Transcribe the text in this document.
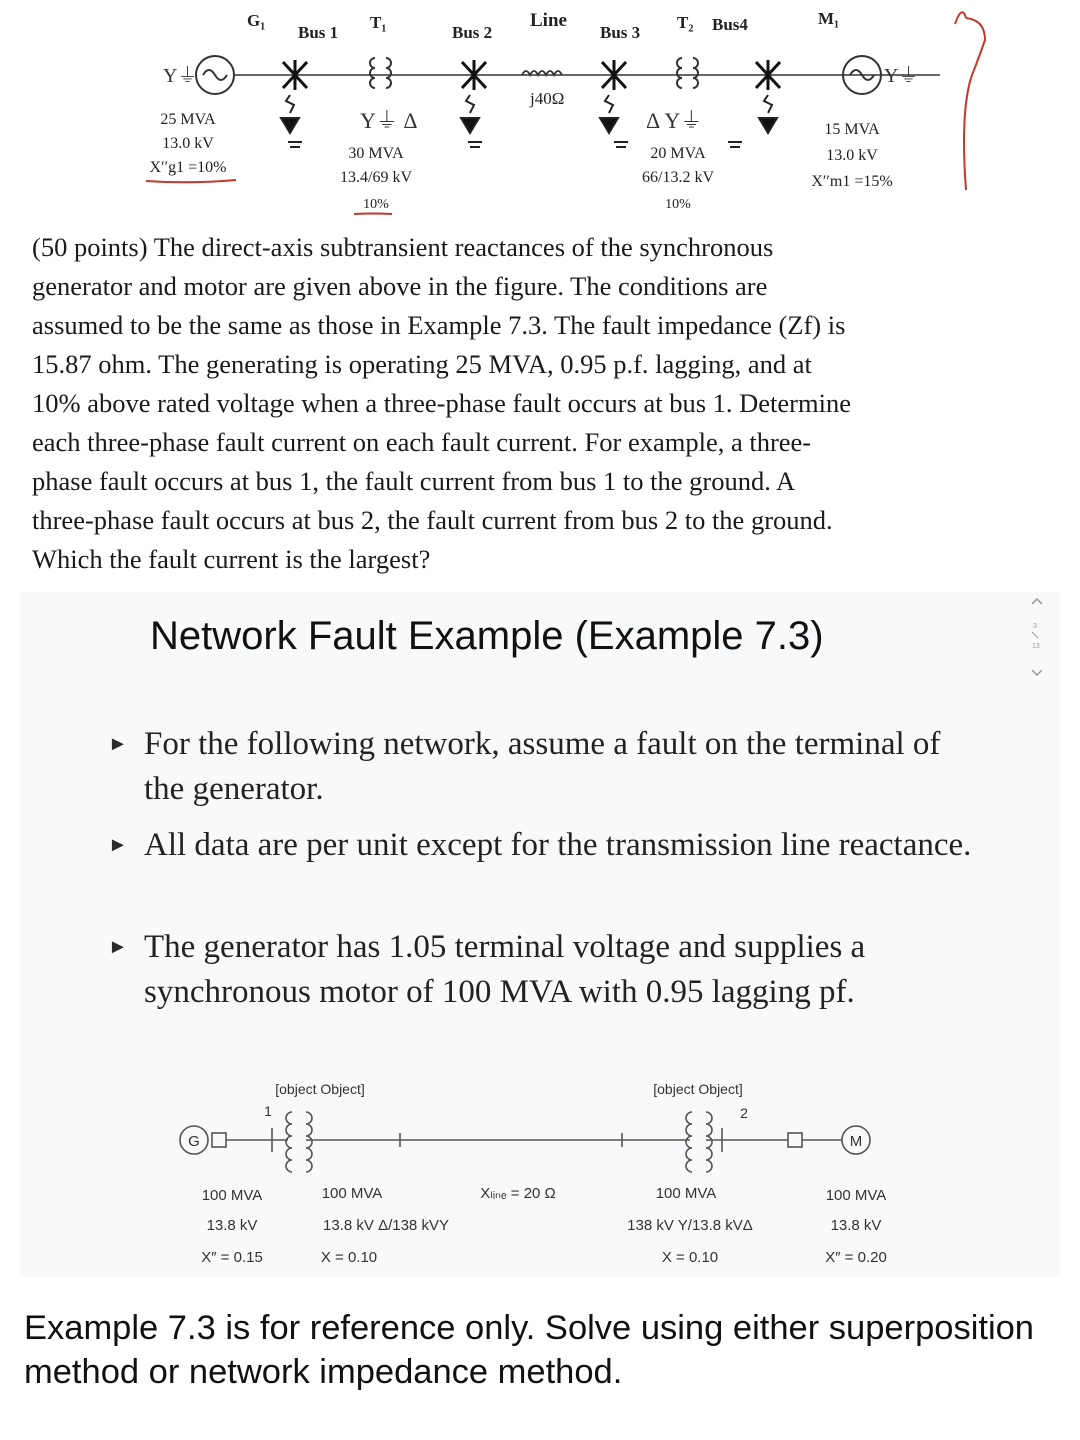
G₁
Bus 1
T₁
Bus 2
Line
Bus 3
T₂ Bus4	M₁
Y⏚
j40Ω
Y⏚ Δ	Δ Y⏚
Y⏚
25 MVA
13.0 kV
X′′g1 =10%
30 MVA
13.4/69 kV
10%
20 MVA
66/13.2 kV
10%
15 MVA
13.0 kV
X′′m1 =15%
(50 points) The direct-axis subtransient reactances of the synchronous
generator and motor are given above in the figure. The conditions are
assumed to be the same as those in Example 7.3. The fault impedance (Zf) is
15.87 ohm. The generating is operating 25 MVA, 0.95 p.f. lagging, and at
10% above rated voltage when a three-phase fault occurs at bus 1. Determine
each three-phase fault current on each fault current. For example, a three-
phase fault occurs at bus 1, the fault current from bus 1 to the ground. A
three-phase fault occurs at bus 2, the fault current from bus 2 to the ground.
Which the fault current is the largest?
Network Fault Example (Example 7.3)
► For the following network, assume a fault on the terminal of the generator.
► All data are per unit except for the transmission line reactance.
► The generator has 1.05 terminal voltage and supplies a synchronous motor of 100 MVA with 0.95 lagging pf.
3
13
G	M
1	2
[object Object]	[object Object]
100 MVA
13.8 kV
X″ = 0.15
100 MVA
13.8 kV Δ/138 kVY
X = 0.10
Xₗᵢₙₑ = 20 Ω	100 MVA
138 kV Y/13.8 kVΔ
X = 0.10
100 MVA
13.8 kV
X″ = 0.20

Example 7.3 is for reference only. Solve using either superposition method or network impedance method.
